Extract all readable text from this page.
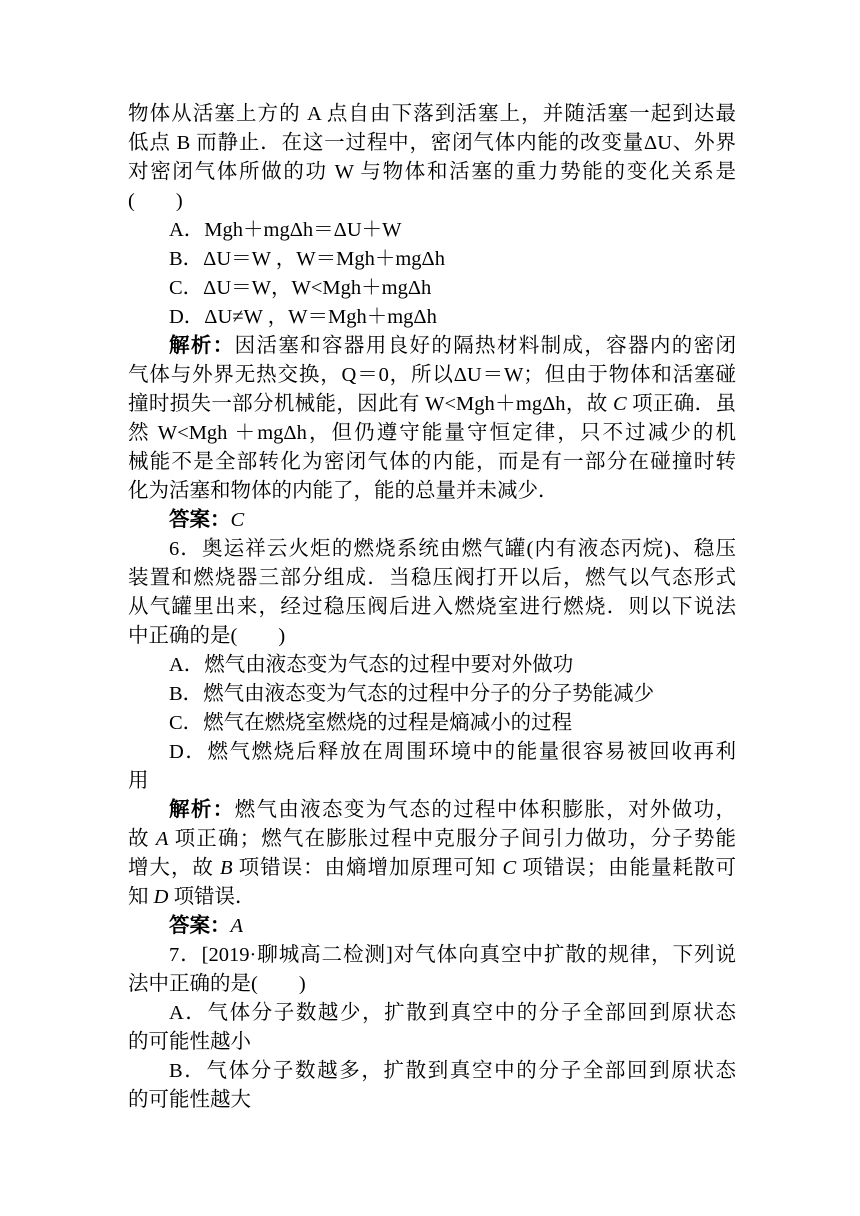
物体从活塞上方的 A 点自由下落到活塞上，并随活塞一起到达最
低点 B 而静止．在这一过程中，密闭气体内能的改变量ΔU、外界
对密闭气体所做的功 W 与物体和活塞的重力势能的变化关系是
(　　)
A．Mgh＋mgΔh＝ΔU＋W
B．ΔU＝W ，W＝Mgh＋mgΔh
C．ΔU＝W，W<Mgh＋mgΔh
D．ΔU≠W ，W＝Mgh＋mgΔh
解析：因活塞和容器用良好的隔热材料制成，容器内的密闭
气体与外界无热交换，Q＝0，所以ΔU＝W；但由于物体和活塞碰
撞时损失一部分机械能，因此有 W<Mgh＋mgΔh，故 C 项正确．虽
然 W<Mgh ＋mgΔh，但仍遵守能量守恒定律，只不过减少的机
械能不是全部转化为密闭气体的内能，而是有一部分在碰撞时转
化为活塞和物体的内能了，能的总量并未减少．
答案：C
6．奥运祥云火炬的燃烧系统由燃气罐(内有液态丙烷)、稳压
装置和燃烧器三部分组成．当稳压阀打开以后，燃气以气态形式
从气罐里出来，经过稳压阀后进入燃烧室进行燃烧．则以下说法
中正确的是(　　)
A．燃气由液态变为气态的过程中要对外做功
B．燃气由液态变为气态的过程中分子的分子势能减少
C．燃气在燃烧室燃烧的过程是熵减小的过程
D．燃气燃烧后释放在周围环境中的能量很容易被回收再利
用
解析：燃气由液态变为气态的过程中体积膨胀，对外做功，
故 A 项正确；燃气在膨胀过程中克服分子间引力做功，分子势能
增大，故 B 项错误：由熵增加原理可知 C 项错误；由能量耗散可
知 D 项错误．
答案：A
7．[2019·聊城高二检测]对气体向真空中扩散的规律，下列说
法中正确的是(　　)
A．气体分子数越少，扩散到真空中的分子全部回到原状态
的可能性越小
B．气体分子数越多，扩散到真空中的分子全部回到原状态
的可能性越大
